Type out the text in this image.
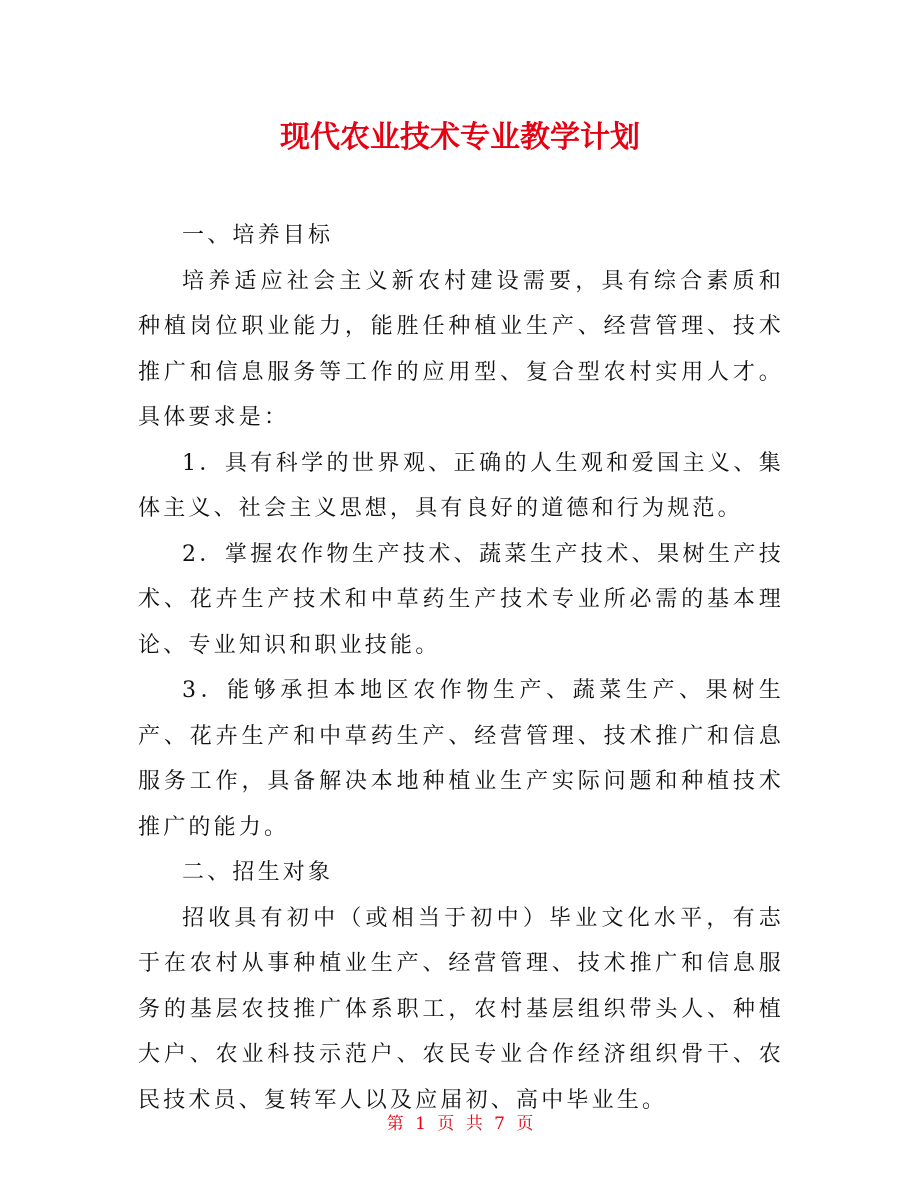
现代农业技术专业教学计划

一、培养目标

培养适应社会主义新农村建设需要，具有综合素质和种植岗位职业能力，能胜任种植业生产、经营管理、技术推广和信息服务等工作的应用型、复合型农村实用人才。具体要求是：

1．具有科学的世界观、正确的人生观和爱国主义、集体主义、社会主义思想，具有良好的道德和行为规范。

2．掌握农作物生产技术、蔬菜生产技术、果树生产技术、花卉生产技术和中草药生产技术专业所必需的基本理论、专业知识和职业技能。

3．能够承担本地区农作物生产、蔬菜生产、果树生产、花卉生产和中草药生产、经营管理、技术推广和信息服务工作，具备解决本地种植业生产实际问题和种植技术推广的能力。

二、招生对象

招收具有初中（或相当于初中）毕业文化水平，有志于在农村从事种植业生产、经营管理、技术推广和信息服务的基层农技推广体系职工，农村基层组织带头人、种植大户、农业科技示范户、农民专业合作经济组织骨干、农民技术员、复转军人以及应届初、高中毕业生。

第 1 页 共 7 页
